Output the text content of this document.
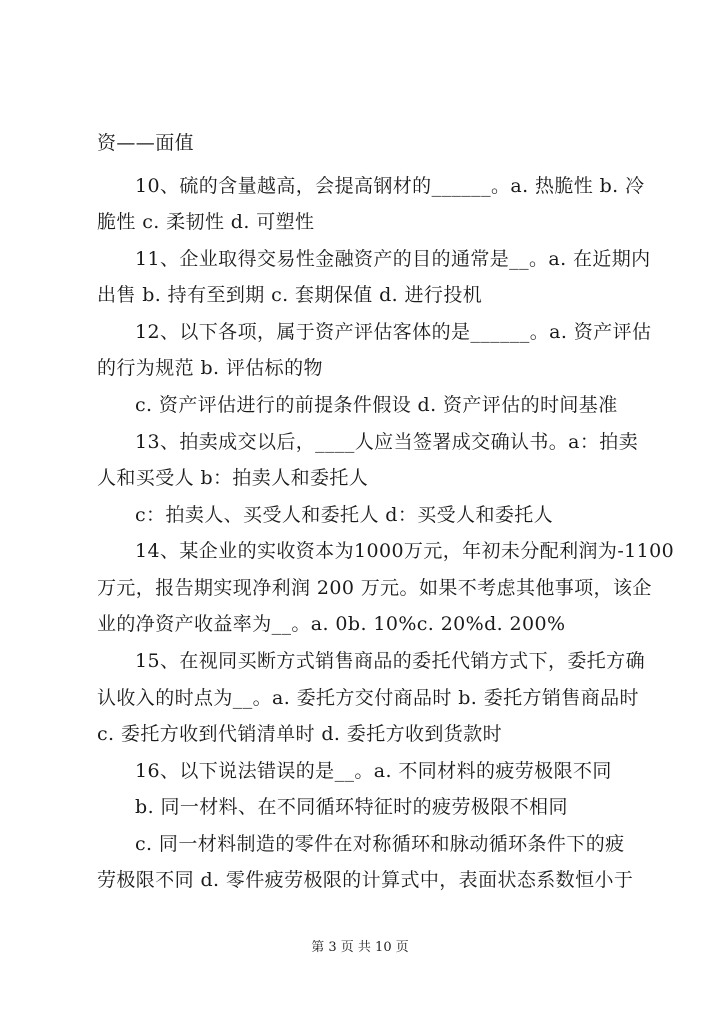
资——面值
10、硫的含量越高，会提高钢材的______。a. 热脆性 b. 冷
脆性 c. 柔韧性 d. 可塑性
11、企业取得交易性金融资产的目的通常是__。a. 在近期内
出售 b. 持有至到期 c. 套期保值 d. 进行投机
12、以下各项，属于资产评估客体的是______。a. 资产评估
的行为规范 b. 评估标的物
c. 资产评估进行的前提条件假设 d. 资产评估的时间基准
13、拍卖成交以后，____人应当签署成交确认书。a：拍卖
人和买受人 b：拍卖人和委托人
c：拍卖人、买受人和委托人 d：买受人和委托人
14、某企业的实收资本为1000万元，年初未分配利润为-1100
万元，报告期实现净利润 200 万元。如果不考虑其他事项，该企
业的净资产收益率为__。a. 0b. 10%c. 20%d. 200%
15、在视同买断方式销售商品的委托代销方式下，委托方确
认收入的时点为__。a. 委托方交付商品时 b. 委托方销售商品时
c. 委托方收到代销清单时 d. 委托方收到货款时
16、以下说法错误的是__。a. 不同材料的疲劳极限不同
b. 同一材料、在不同循环特征时的疲劳极限不相同
c. 同一材料制造的零件在对称循环和脉动循环条件下的疲
劳极限不同 d. 零件疲劳极限的计算式中，表面状态系数恒小于
第 3 页 共 10 页
